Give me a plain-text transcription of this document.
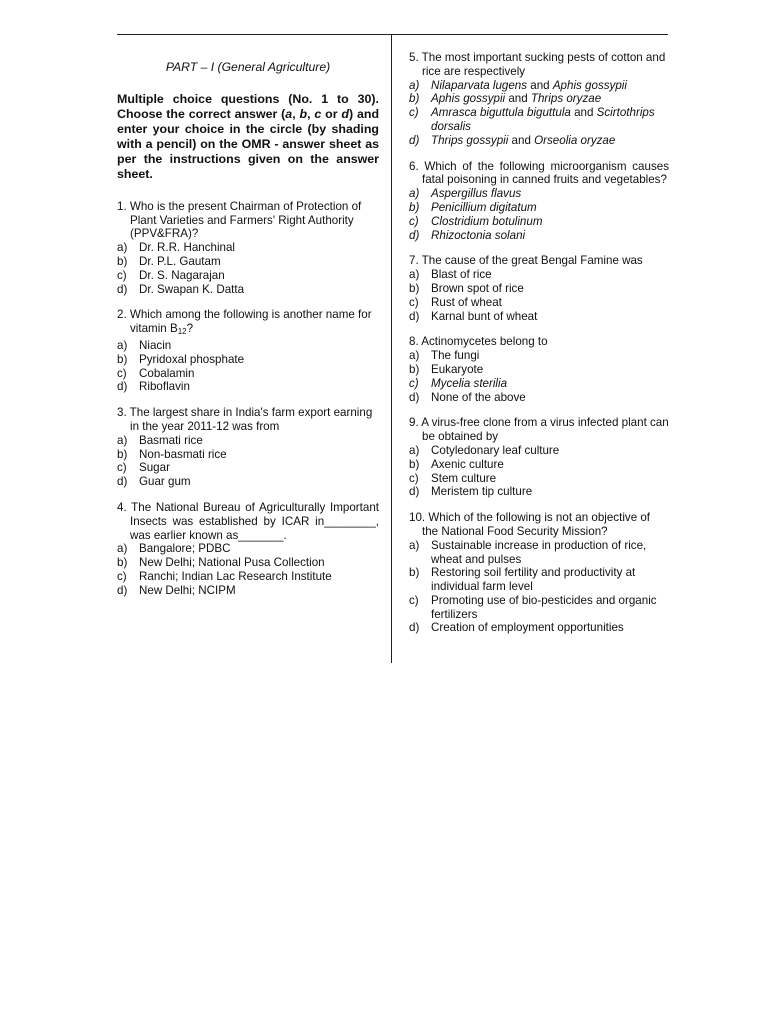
PART – I (General Agriculture)
Multiple choice questions (No. 1 to 30). Choose the correct answer (a, b, c or d) and enter your choice in the circle (by shading with a pencil) on the OMR - answer sheet as per the instructions given on the answer sheet.
1. Who is the present Chairman of Protection of Plant Varieties and Farmers' Right Authority (PPV&FRA)?
a)	Dr. R.R. Hanchinal
b)	Dr. P.L. Gautam
c)	Dr. S. Nagarajan
d)	Dr. Swapan K. Datta
2. Which among the following is another name for vitamin $B_{12}$?
a)	Niacin
b)	Pyridoxal phosphate
c)	Cobalamin
d)	Riboflavin
3. The largest share in India's farm export earning in the year 2011-12 was from
a)	Basmati rice
b)	Non-basmati rice
c)	Sugar
d)	Guar gum
4. The National Bureau of Agriculturally Important Insects was established by ICAR in________, was earlier known as_______.
a)	Bangalore; PDBC
b)	New Delhi; National Pusa Collection
c)	Ranchi; Indian Lac Research Institute
d)	New Delhi; NCIPM
5. The most important sucking pests of cotton and rice are respectively
a)	Nilaparvata lugens and Aphis gossypii
b)	Aphis gossypii and Thrips oryzae
c)	Amrasca biguttula biguttula and Scirtothrips dorsalis
d)	Thrips gossypii and Orseolia oryzae
6. Which of the following microorganism causes fatal poisoning in canned fruits and vegetables?
a)	Aspergillus flavus
b)	Penicillium digitatum
c)	Clostridium botulinum
d)	Rhizoctonia solani
7. The cause of the great Bengal Famine was
a)	Blast of rice
b)	Brown spot of rice
c)	Rust of wheat
d)	Karnal bunt of wheat
8. Actinomycetes belong to
a)	The fungi
b)	Eukaryote
c)	Mycelia sterilia
d)	None of the above
9. A virus-free clone from a virus infected plant can be obtained by
a)	Cotyledonary leaf culture
b)	Axenic culture
c)	Stem culture
d)	Meristem tip culture
10. Which of the following is not an objective of the National Food Security Mission?
a)	Sustainable increase in production of rice, wheat and pulses
b)	Restoring soil fertility and productivity at individual farm level
c)	Promoting use of bio-pesticides and organic fertilizers
d)	Creation of employment opportunities
